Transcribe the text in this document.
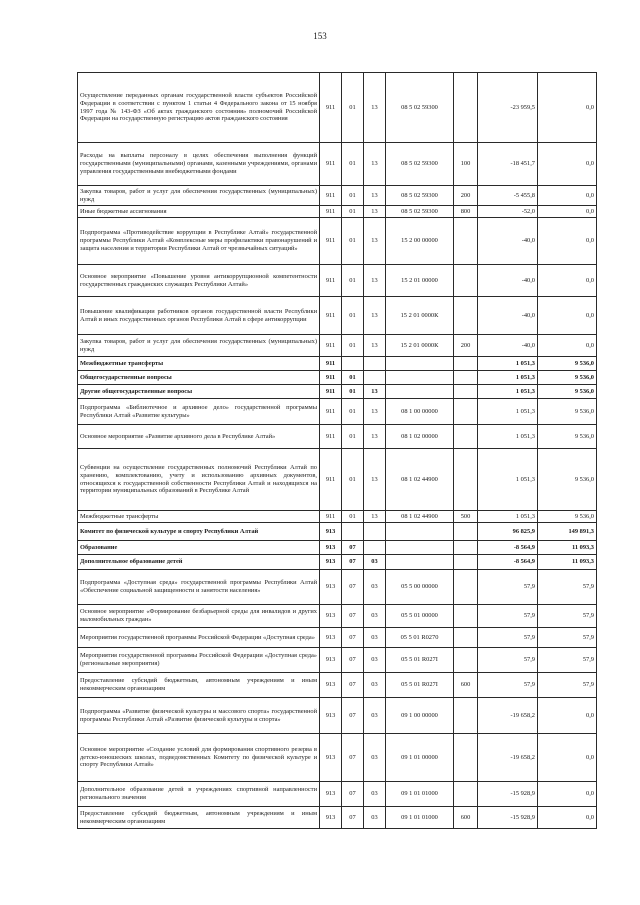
153
Осуществление переданных органам государственной власти субъектов Российской Федерации в соответствии с пунктом 1 статьи 4 Федерального закона от 15 ноября 1997 года № 143-ФЗ «Об актах гражданского состояния» полномочий Российской Федерации на государственную регистрацию актов гражданского состояния	911	01	13	08 5 02 59300		-23 959,5	0,0
Расходы на выплаты персоналу в целях обеспечения выполнения функций государственными (муниципальными) органами, казенными учреждениями, органами управления государственными внебюджетными фондами	911	01	13	08 5 02 59300	100	-18 451,7	0,0
Закупка товаров, работ и услуг для обеспечения государственных (муниципальных) нужд	911	01	13	08 5 02 59300	200	-5 455,8	0,0
Иные бюджетные ассигнования	911	01	13	08 5 02 59300	800	-52,0	0,0
Подпрограмма «Противодействие коррупции в Республике Алтай» государственной программы Республики Алтай «Комплексные меры профилактики правонарушений и защита населения и территории Республики Алтай от чрезвычайных ситуаций»	911	01	13	15 2 00 00000		-40,0	0,0
Основное мероприятие «Повышение уровня антикоррупционной компетентности государственных гражданских служащих Республики Алтай»	911	01	13	15 2 01 00000		-40,0	0,0
Повышение квалификации работников органов государственной власти Республики Алтай и иных государственных органов Республики Алтай в сфере антикоррупции	911	01	13	15 2 01 0000К		-40,0	0,0
Закупка товаров, работ и услуг для обеспечения государственных (муниципальных) нужд	911	01	13	15 2 01 0000К	200	-40,0	0,0
Межбюджетные трансферты	911					1 051,3	9 536,0
Общегосударственные вопросы	911	01				1 051,3	9 536,0
Другие общегосударственные вопросы	911	01	13			1 051,3	9 536,0
Подпрограмма «Библиотечное и архивное дело» государственной программы Республики Алтай «Развитие культуры»	911	01	13	08 1 00 00000		1 051,3	9 536,0
Основное мероприятие «Развитие архивного дела в Республике Алтай»	911	01	13	08 1 02 00000		1 051,3	9 536,0
Субвенции на осуществление государственных полномочий Республики Алтай по хранению, комплектованию, учету и использованию архивных документов, относящихся к государственной собственности Республики Алтай и находящихся на территории муниципальных образований в Республике Алтай	911	01	13	08 1 02 44900		1 051,3	9 536,0
Межбюджетные трансферты	911	01	13	08 1 02 44900	500	1 051,3	9 536,0
Комитет по физической культуре и спорту Республики Алтай	913					96 825,9	149 891,3
Образование	913	07				-8 564,9	11 093,3
Дополнительное образование детей	913	07	03			-8 564,9	11 093,3
Подпрограмма «Доступная среда» государственной программы Республики Алтай «Обеспечение социальной защищенности и занятости населения»	913	07	03	05 5 00 00000		57,9	57,9
Основное мероприятие «Формирование безбарьерной среды для инвалидов и других маломобильных граждан»	913	07	03	05 5 01 00000		57,9	57,9
Мероприятия государственной программы Российской Федерации «Доступная среда»	913	07	03	05 5 01 R0270		57,9	57,9
Мероприятия государственной программы Российской Федерации «Доступная среда» (региональные мероприятия)	913	07	03	05 5 01 R027I		57,9	57,9
Предоставление субсидий бюджетным, автономным учреждениям и иным некоммерческим организациям	913	07	03	05 5 01 R027I	600	57,9	57,9
Подпрограмма «Развитие физической культуры и массового спорта» государственной программы Республики Алтай «Развитие физической культуры и спорта»	913	07	03	09 1 00 00000		-19 658,2	0,0
Основное мероприятие «Создание условий для формирования спортивного резерва в детско-юношеских школах, подведомственных Комитету по физической культуре и спорту Республики Алтай»	913	07	03	09 1 01 00000		-19 658,2	0,0
Дополнительное образование детей в учреждениях спортивной направленности регионального значения	913	07	03	09 1 01 01000		-15 928,9	0,0
Предоставление субсидий бюджетным, автономным учреждениям и иным некоммерческим организациям	913	07	03	09 1 01 01000	600	-15 928,9	0,0
